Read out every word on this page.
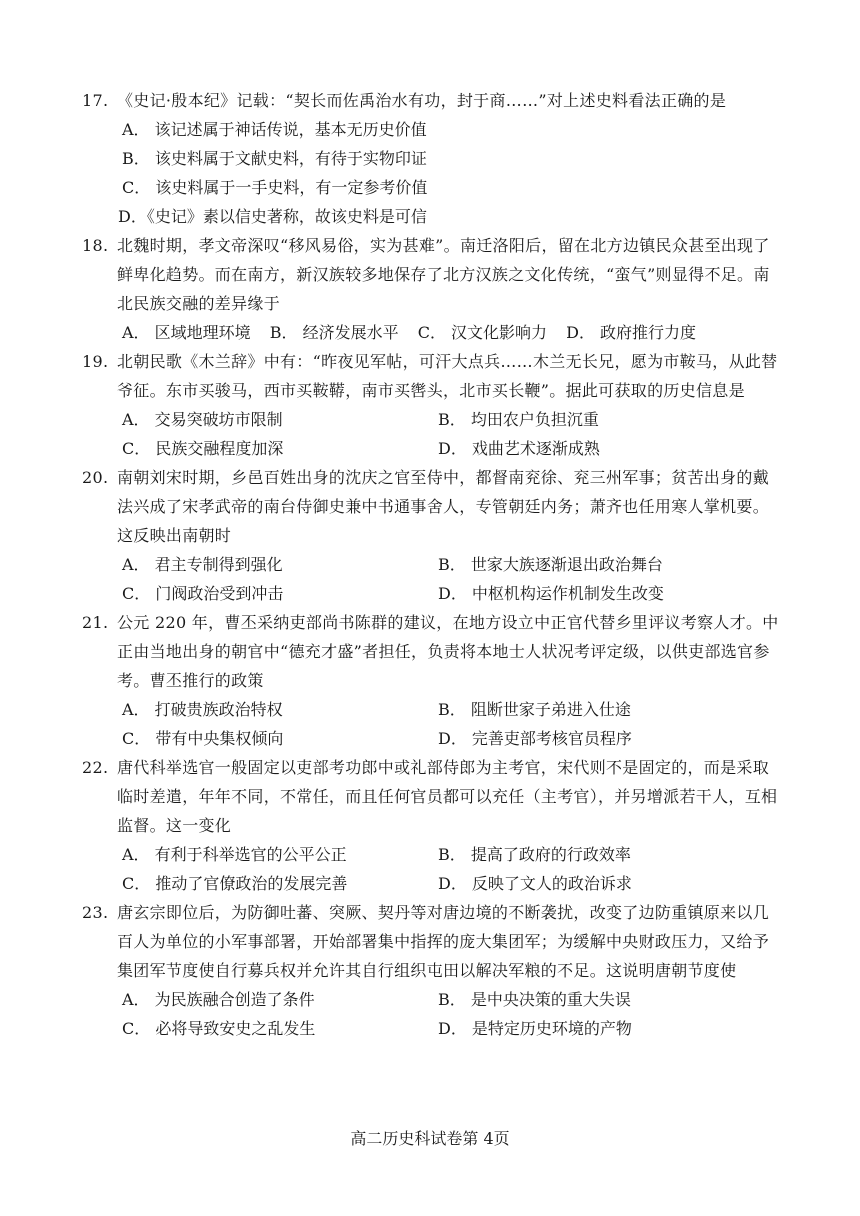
17. 《史记·殷本纪》记载：“契长而佐禹治水有功，封于商……”对上述史料看法正确的是
A． 该记述属于神话传说，基本无历史价值
B． 该史料属于文献史料，有待于实物印证
C． 该史料属于一手史料，有一定参考价值
D．《史记》素以信史著称，故该史料是可信
18. 北魏时期，孝文帝深叹“移风易俗，实为甚难”。南迁洛阳后，留在北方边镇民众甚至出现了鲜卑化趋势。而在南方，新汉族较多地保存了北方汉族之文化传统，“蛮气”则显得不足。南北民族交融的差异缘于
A． 区域地理环境 B． 经济发展水平 C． 汉文化影响力 D． 政府推行力度
19. 北朝民歌《木兰辞》中有：“昨夜见军帖，可汗大点兵……木兰无长兄，愿为市鞍马，从此替爷征。东市买骏马，西市买鞍鞯，南市买辔头，北市买长鞭”。据此可获取的历史信息是
A． 交易突破坊市限制	B． 均田农户负担沉重
C． 民族交融程度加深	D． 戏曲艺术逐渐成熟
20. 南朝刘宋时期，乡邑百姓出身的沈庆之官至侍中，都督南兖徐、兖三州军事；贫苦出身的戴法兴成了宋孝武帝的南台侍御史兼中书通事舍人，专管朝廷内务；萧齐也任用寒人掌机要。这反映出南朝时
A． 君主专制得到强化	B． 世家大族逐渐退出政治舞台
C． 门阀政治受到冲击	D． 中枢机构运作机制发生改变
21. 公元 220 年，曹丕采纳吏部尚书陈群的建议，在地方设立中正官代替乡里评议考察人才。中正由当地出身的朝官中“德充才盛”者担任，负责将本地士人状况考评定级，以供吏部选官参考。曹丕推行的政策
A． 打破贵族政治特权	B． 阻断世家子弟进入仕途
C． 带有中央集权倾向	D． 完善吏部考核官员程序
22. 唐代科举选官一般固定以吏部考功郎中或礼部侍郎为主考官，宋代则不是固定的，而是采取临时差遣，年年不同，不常任，而且任何官员都可以充任（主考官），并另增派若干人，互相监督。这一变化
A． 有利于科举选官的公平公正	B． 提高了政府的行政效率
C． 推动了官僚政治的发展完善	D． 反映了文人的政治诉求
23. 唐玄宗即位后，为防御吐蕃、突厥、契丹等对唐边境的不断袭扰，改变了边防重镇原来以几百人为单位的小军事部署，开始部署集中指挥的庞大集团军；为缓解中央财政压力，又给予集团军节度使自行募兵权并允许其自行组织屯田以解决军粮的不足。这说明唐朝节度使
A． 为民族融合创造了条件	B． 是中央决策的重大失误
C． 必将导致安史之乱发生	D． 是特定历史环境的产物
高二历史科试卷第 4页
